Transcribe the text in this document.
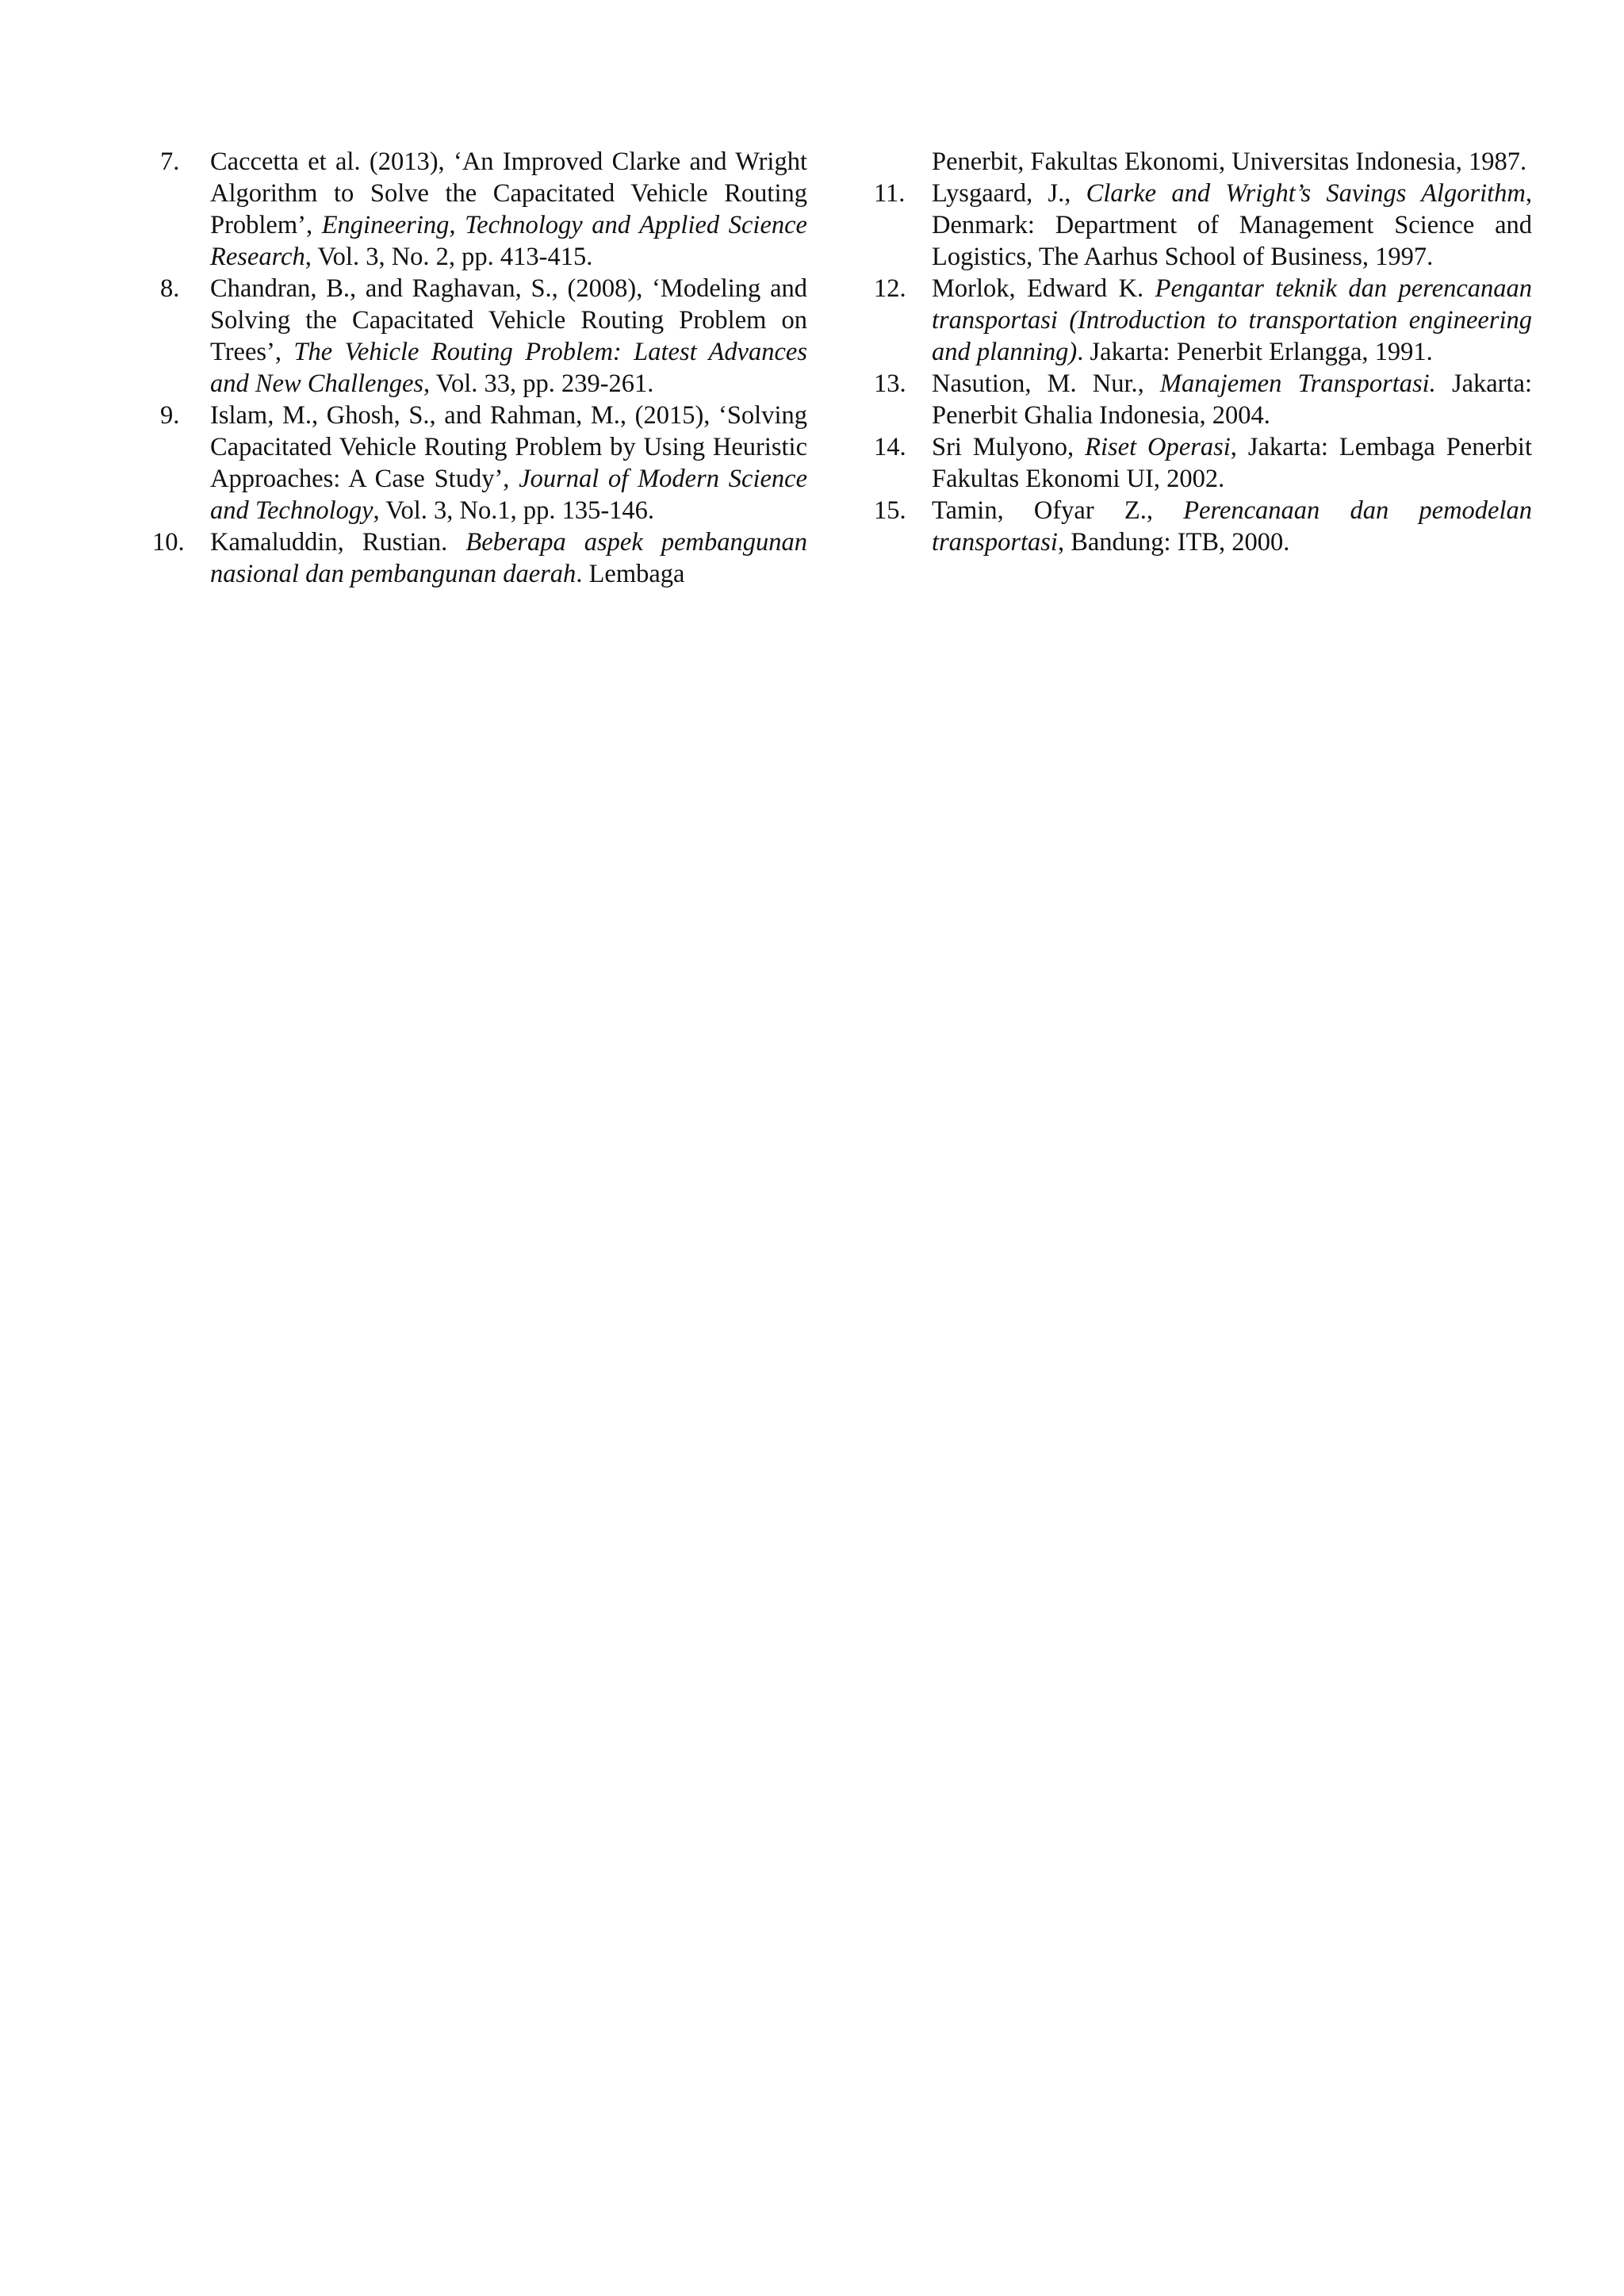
7.	Caccetta et al. (2013), ‘An Improved Clarke and Wright Algorithm to Solve the Capacitated Vehicle Routing Problem’, Engineering, Technology and Applied Science Research, Vol. 3, No. 2, pp. 413-415.

8.	Chandran, B., and Raghavan, S., (2008), ‘Modeling and Solving the Capacitated Vehicle Routing Problem on Trees’, The Vehicle Routing Problem: Latest Advances and New Challenges, Vol. 33, pp. 239-261.

9.	Islam, M., Ghosh, S., and Rahman, M., (2015), ‘Solving Capacitated Vehicle Routing Problem by Using Heuristic Approaches: A Case Study’, Journal of Modern Science and Technology, Vol. 3, No.1, pp. 135-146.

10. Kamaluddin, Rustian. Beberapa aspek pembangunan nasional dan pembangunan daerah. Lembaga

Penerbit, Fakultas Ekonomi, Universitas Indonesia, 1987.

11.	Lysgaard, J., Clarke and Wright’s Savings Algorithm, Denmark: Department of Management Science and Logistics, The Aarhus School of Business, 1997.

12. Morlok, Edward K. Pengantar teknik dan perencanaan transportasi (Introduction to transportation engineering and planning). Jakarta: Penerbit Erlangga, 1991.

13. Nasution, M. Nur., Manajemen Transportasi. Jakarta: Penerbit Ghalia Indonesia, 2004.

14. Sri Mulyono, Riset Operasi, Jakarta: Lembaga Penerbit Fakultas Ekonomi UI, 2002.

15. Tamin, Ofyar Z., Perencanaan dan pemodelan transportasi, Bandung: ITB, 2000.
